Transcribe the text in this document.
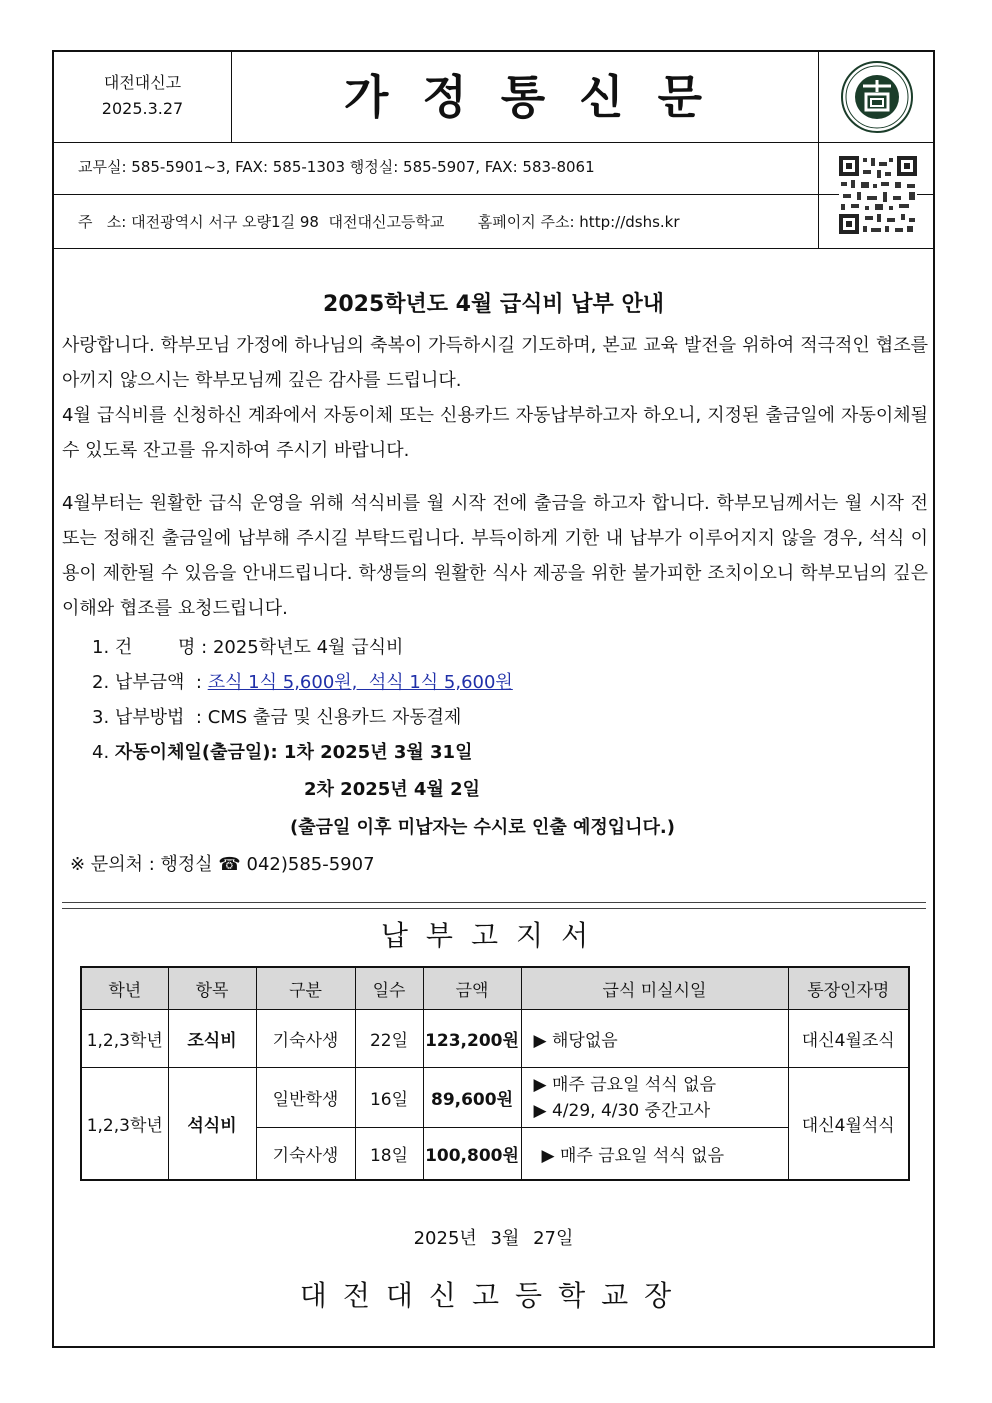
대전대신고
2025.3.27	가정통신문
교무실: 585-5901~3, FAX: 585-1303 행정실: 585-5907, FAX: 583-8061
주   소: 대전광역시 서구 오량1길 98  대전대신고등학교       홈페이지 주소: http://dshs.kr
2025학년도 4월 급식비 납부 안내
사랑합니다. 학부모님 가정에 하나님의 축복이 가득하시길 기도하며, 본교 교육 발전을 위하여 적극적인 협조를 아끼지 않으시는 학부모님께 깊은 감사를 드립니다.
4월 급식비를 신청하신 계좌에서 자동이체 또는 신용카드 자동납부하고자 하오니, 지정된 출금일에 자동이체될 수 있도록 잔고를 유지하여 주시기 바랍니다.
4월부터는 원활한 급식 운영을 위해 석식비를 월 시작 전에 출금을 하고자 합니다. 학부모님께서는 월 시작 전 또는 정해진 출금일에 납부해 주시길 부탁드립니다. 부득이하게 기한 내 납부가 이루어지지 않을 경우, 석식 이용이 제한될 수 있음을 안내드립니다. 학생들의 원활한 식사 제공을 위한 불가피한 조치이오니 학부모님의 깊은 이해와 협조를 요청드립니다.
1. 건        명 : 2025학년도 4월 급식비
2. 납부금액  : 조식 1식 5,600원,  석식 1식 5,600원
3. 납부방법  : CMS 출금 및 신용카드 자동결제
4. 자동이체일(출금일): 1차 2025년 3월 31일
2차 2025년 4월 2일
(출금일 이후 미납자는 수시로 인출 예정입니다.)
※ 문의처 : 행정실 ☎ 042)585-5907
납부고지서
학년	항목	구분	일수	금액	급식 미실시일	통장인자명
1,2,3학년	조식비	기숙사생	22일	123,200원	▶ 해당없음	대신4월조식
1,2,3학년	석식비	일반학생	16일	89,600원	▶ 매주 금요일 석식 없음
▶ 4/29, 4/30 중간고사	대신4월석식
		기숙사생	18일	100,800원	▶ 매주 금요일 석식 없음	
2025년 3월 27일
대전대신고등학교장
